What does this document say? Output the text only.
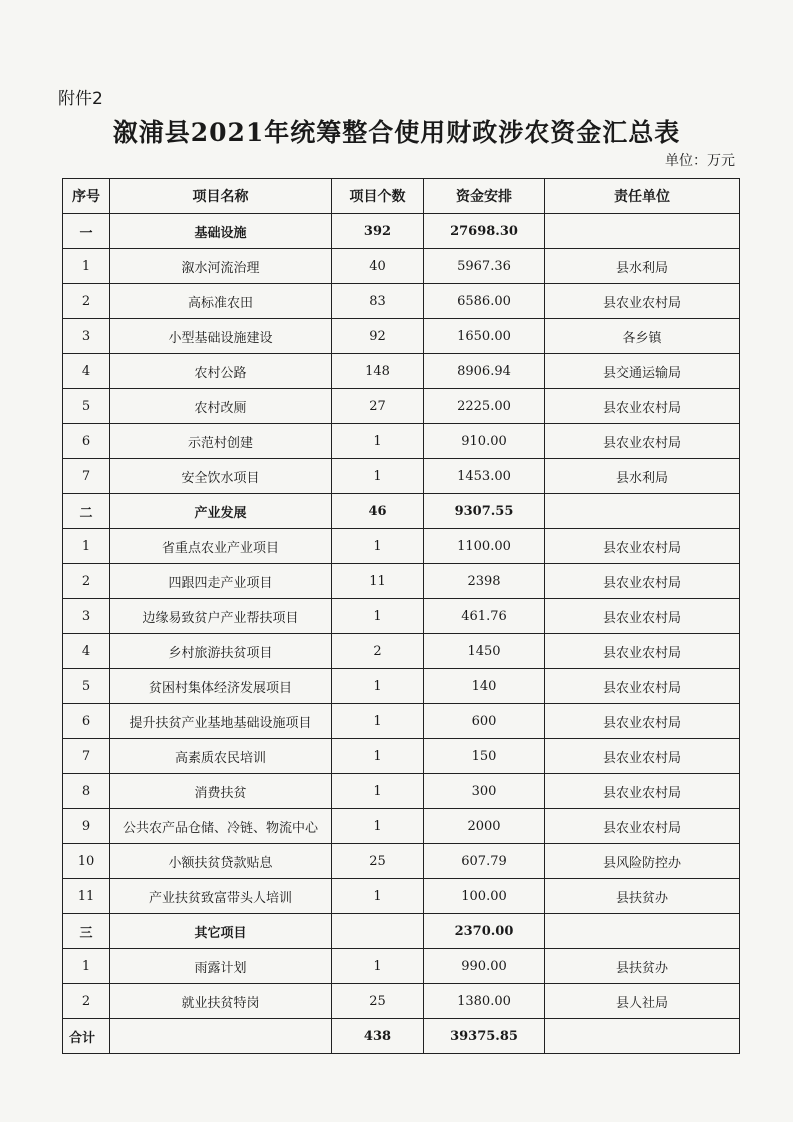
附件2
溆浦县2021年统筹整合使用财政涉农资金汇总表
单位：万元
序号	项目名称	项目个数	资金安排	责任单位
一	基础设施	392	27698.30	
1	溆水河流治理	40	5967.36	县水利局
2	高标准农田	83	6586.00	县农业农村局
3	小型基础设施建设	92	1650.00	各乡镇
4	农村公路	148	8906.94	县交通运输局
5	农村改厕	27	2225.00	县农业农村局
6	示范村创建	1	910.00	县农业农村局
7	安全饮水项目	1	1453.00	县水利局
二	产业发展	46	9307.55	
1	省重点农业产业项目	1	1100.00	县农业农村局
2	四跟四走产业项目	11	2398	县农业农村局
3	边缘易致贫户产业帮扶项目	1	461.76	县农业农村局
4	乡村旅游扶贫项目	2	1450	县农业农村局
5	贫困村集体经济发展项目	1	140	县农业农村局
6	提升扶贫产业基地基础设施项目	1	600	县农业农村局
7	高素质农民培训	1	150	县农业农村局
8	消费扶贫	1	300	县农业农村局
9	公共农产品仓储、冷链、物流中心	1	2000	县农业农村局
10	小额扶贫贷款贴息	25	607.79	县风险防控办
11	产业扶贫致富带头人培训	1	100.00	县扶贫办
三	其它项目		2370.00	
1	雨露计划	1	990.00	县扶贫办
2	就业扶贫特岗	25	1380.00	县人社局
合计		438	39375.85	
